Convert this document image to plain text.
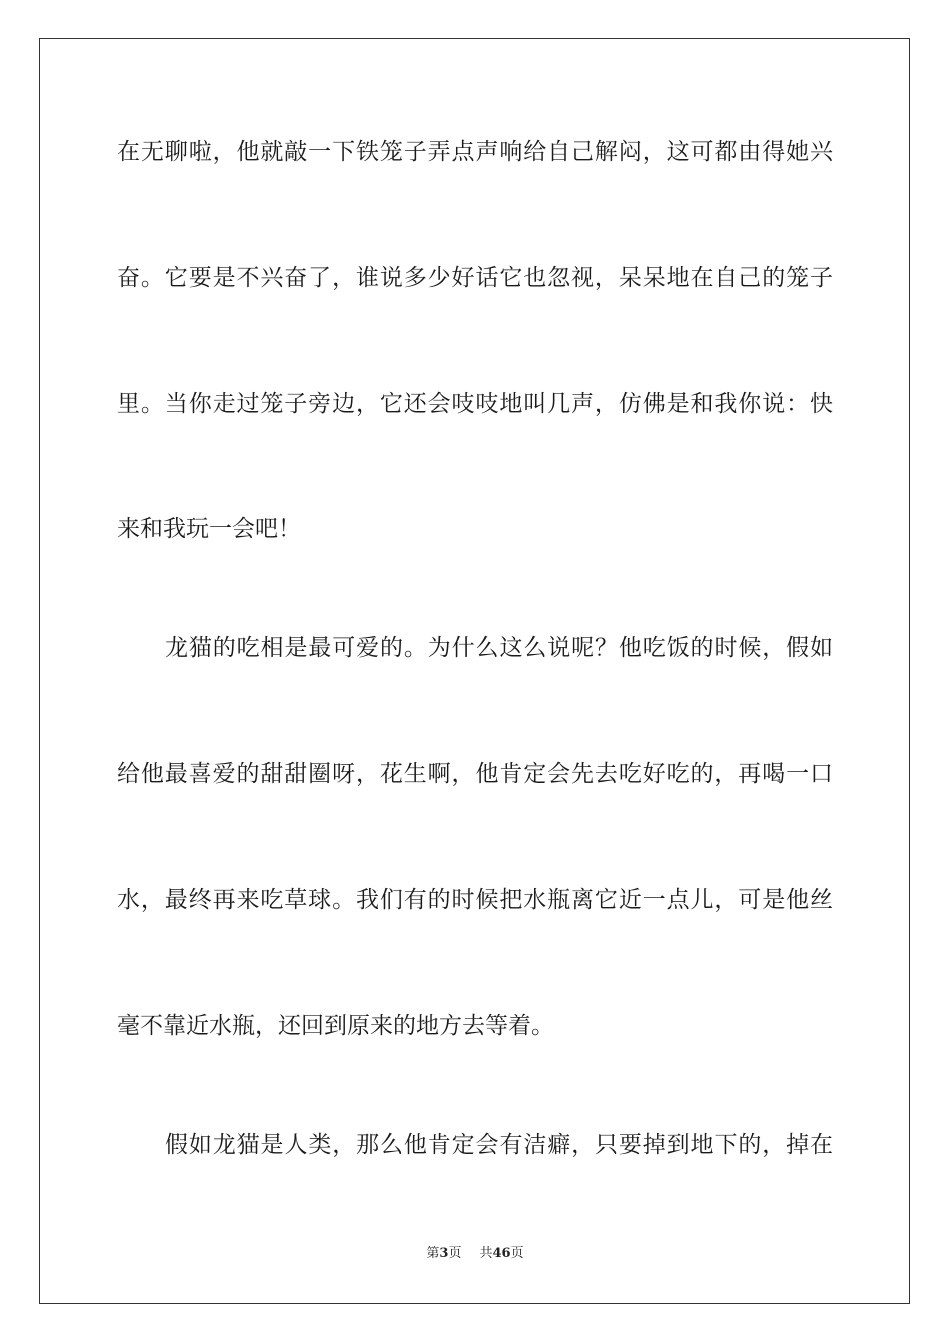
在无聊啦，他就敲一下铁笼子弄点声响给自己解闷，这可都由得她兴
奋。它要是不兴奋了，谁说多少好话它也忽视，呆呆地在自己的笼子
里。当你走过笼子旁边，它还会吱吱地叫几声，仿佛是和我你说：快
来和我玩一会吧！
龙猫的吃相是最可爱的。为什么这么说呢？他吃饭的时候，假如
给他最喜爱的甜甜圈呀，花生啊，他肯定会先去吃好吃的，再喝一口
水，最终再来吃草球。我们有的时候把水瓶离它近一点儿，可是他丝
毫不靠近水瓶，还回到原来的地方去等着。
假如龙猫是人类，那么他肯定会有洁癖，只要掉到地下的，掉在
第3页 共46页
